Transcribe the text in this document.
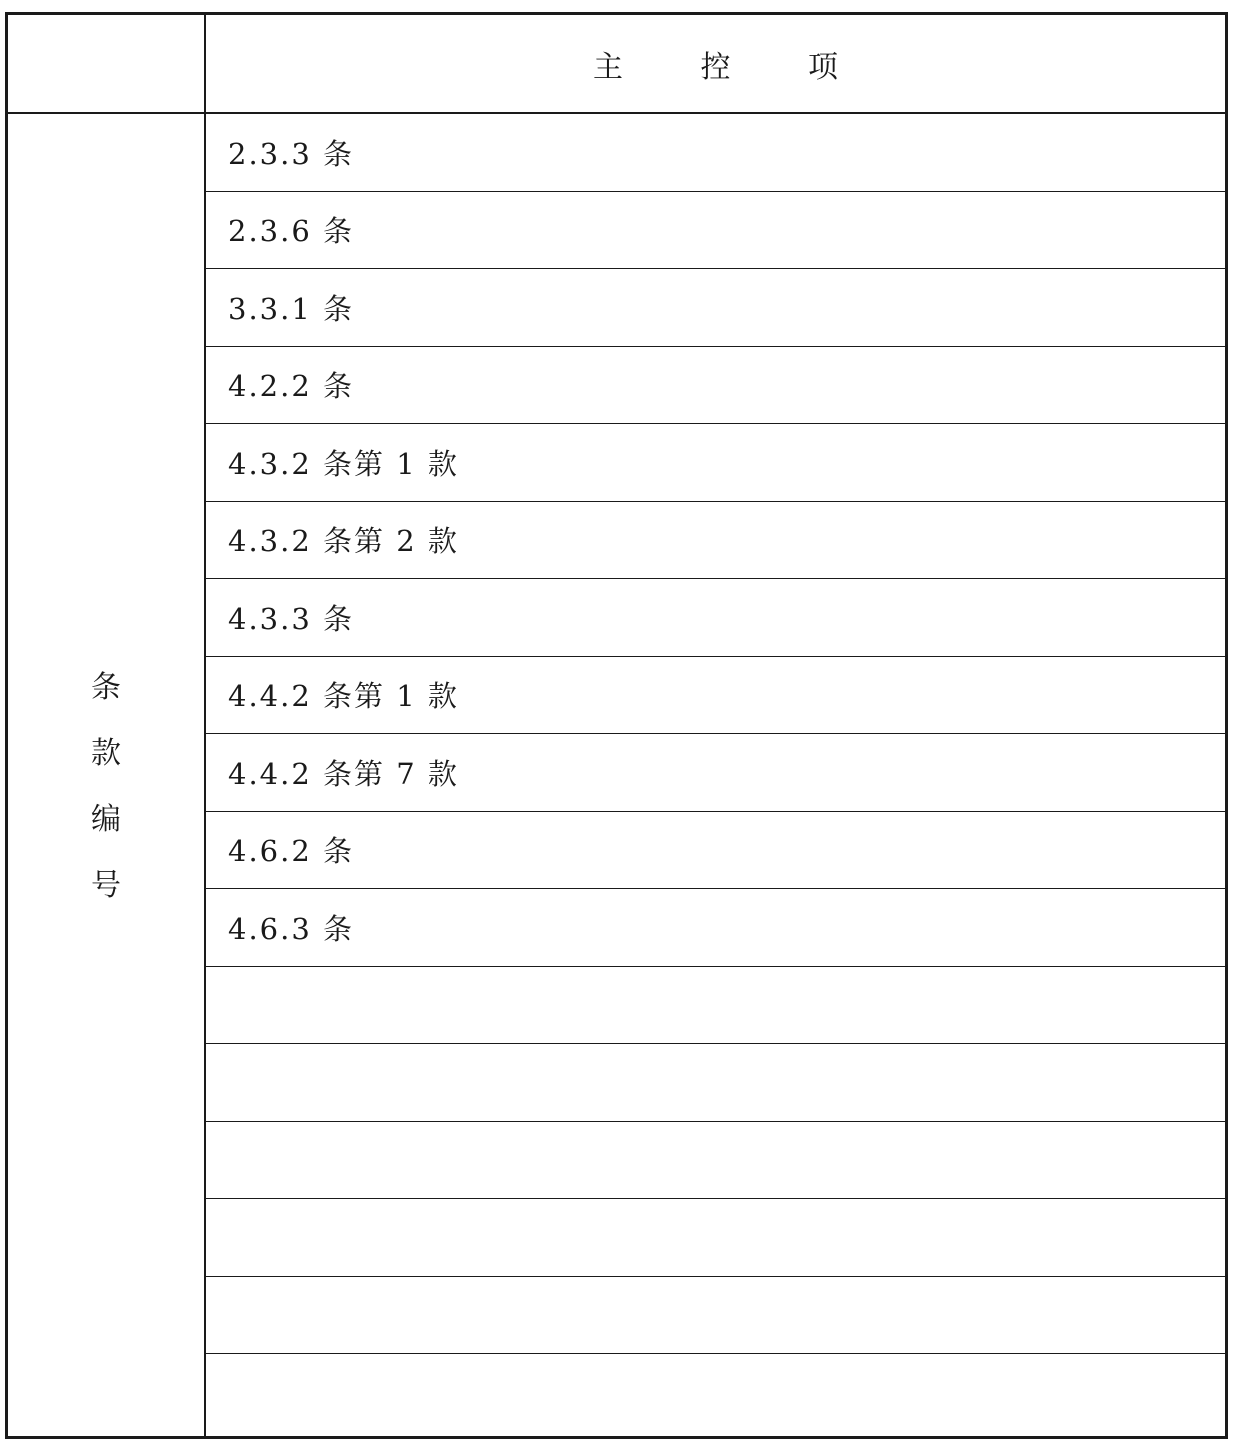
条
款
编
号
主 控 项
2.3.3 条
2.3.6 条
3.3.1 条
4.2.2 条
4.3.2 条第 1 款
4.3.2 条第 2 款
4.3.3 条
4.4.2 条第 1 款
4.4.2 条第 7 款
4.6.2 条
4.6.3 条
